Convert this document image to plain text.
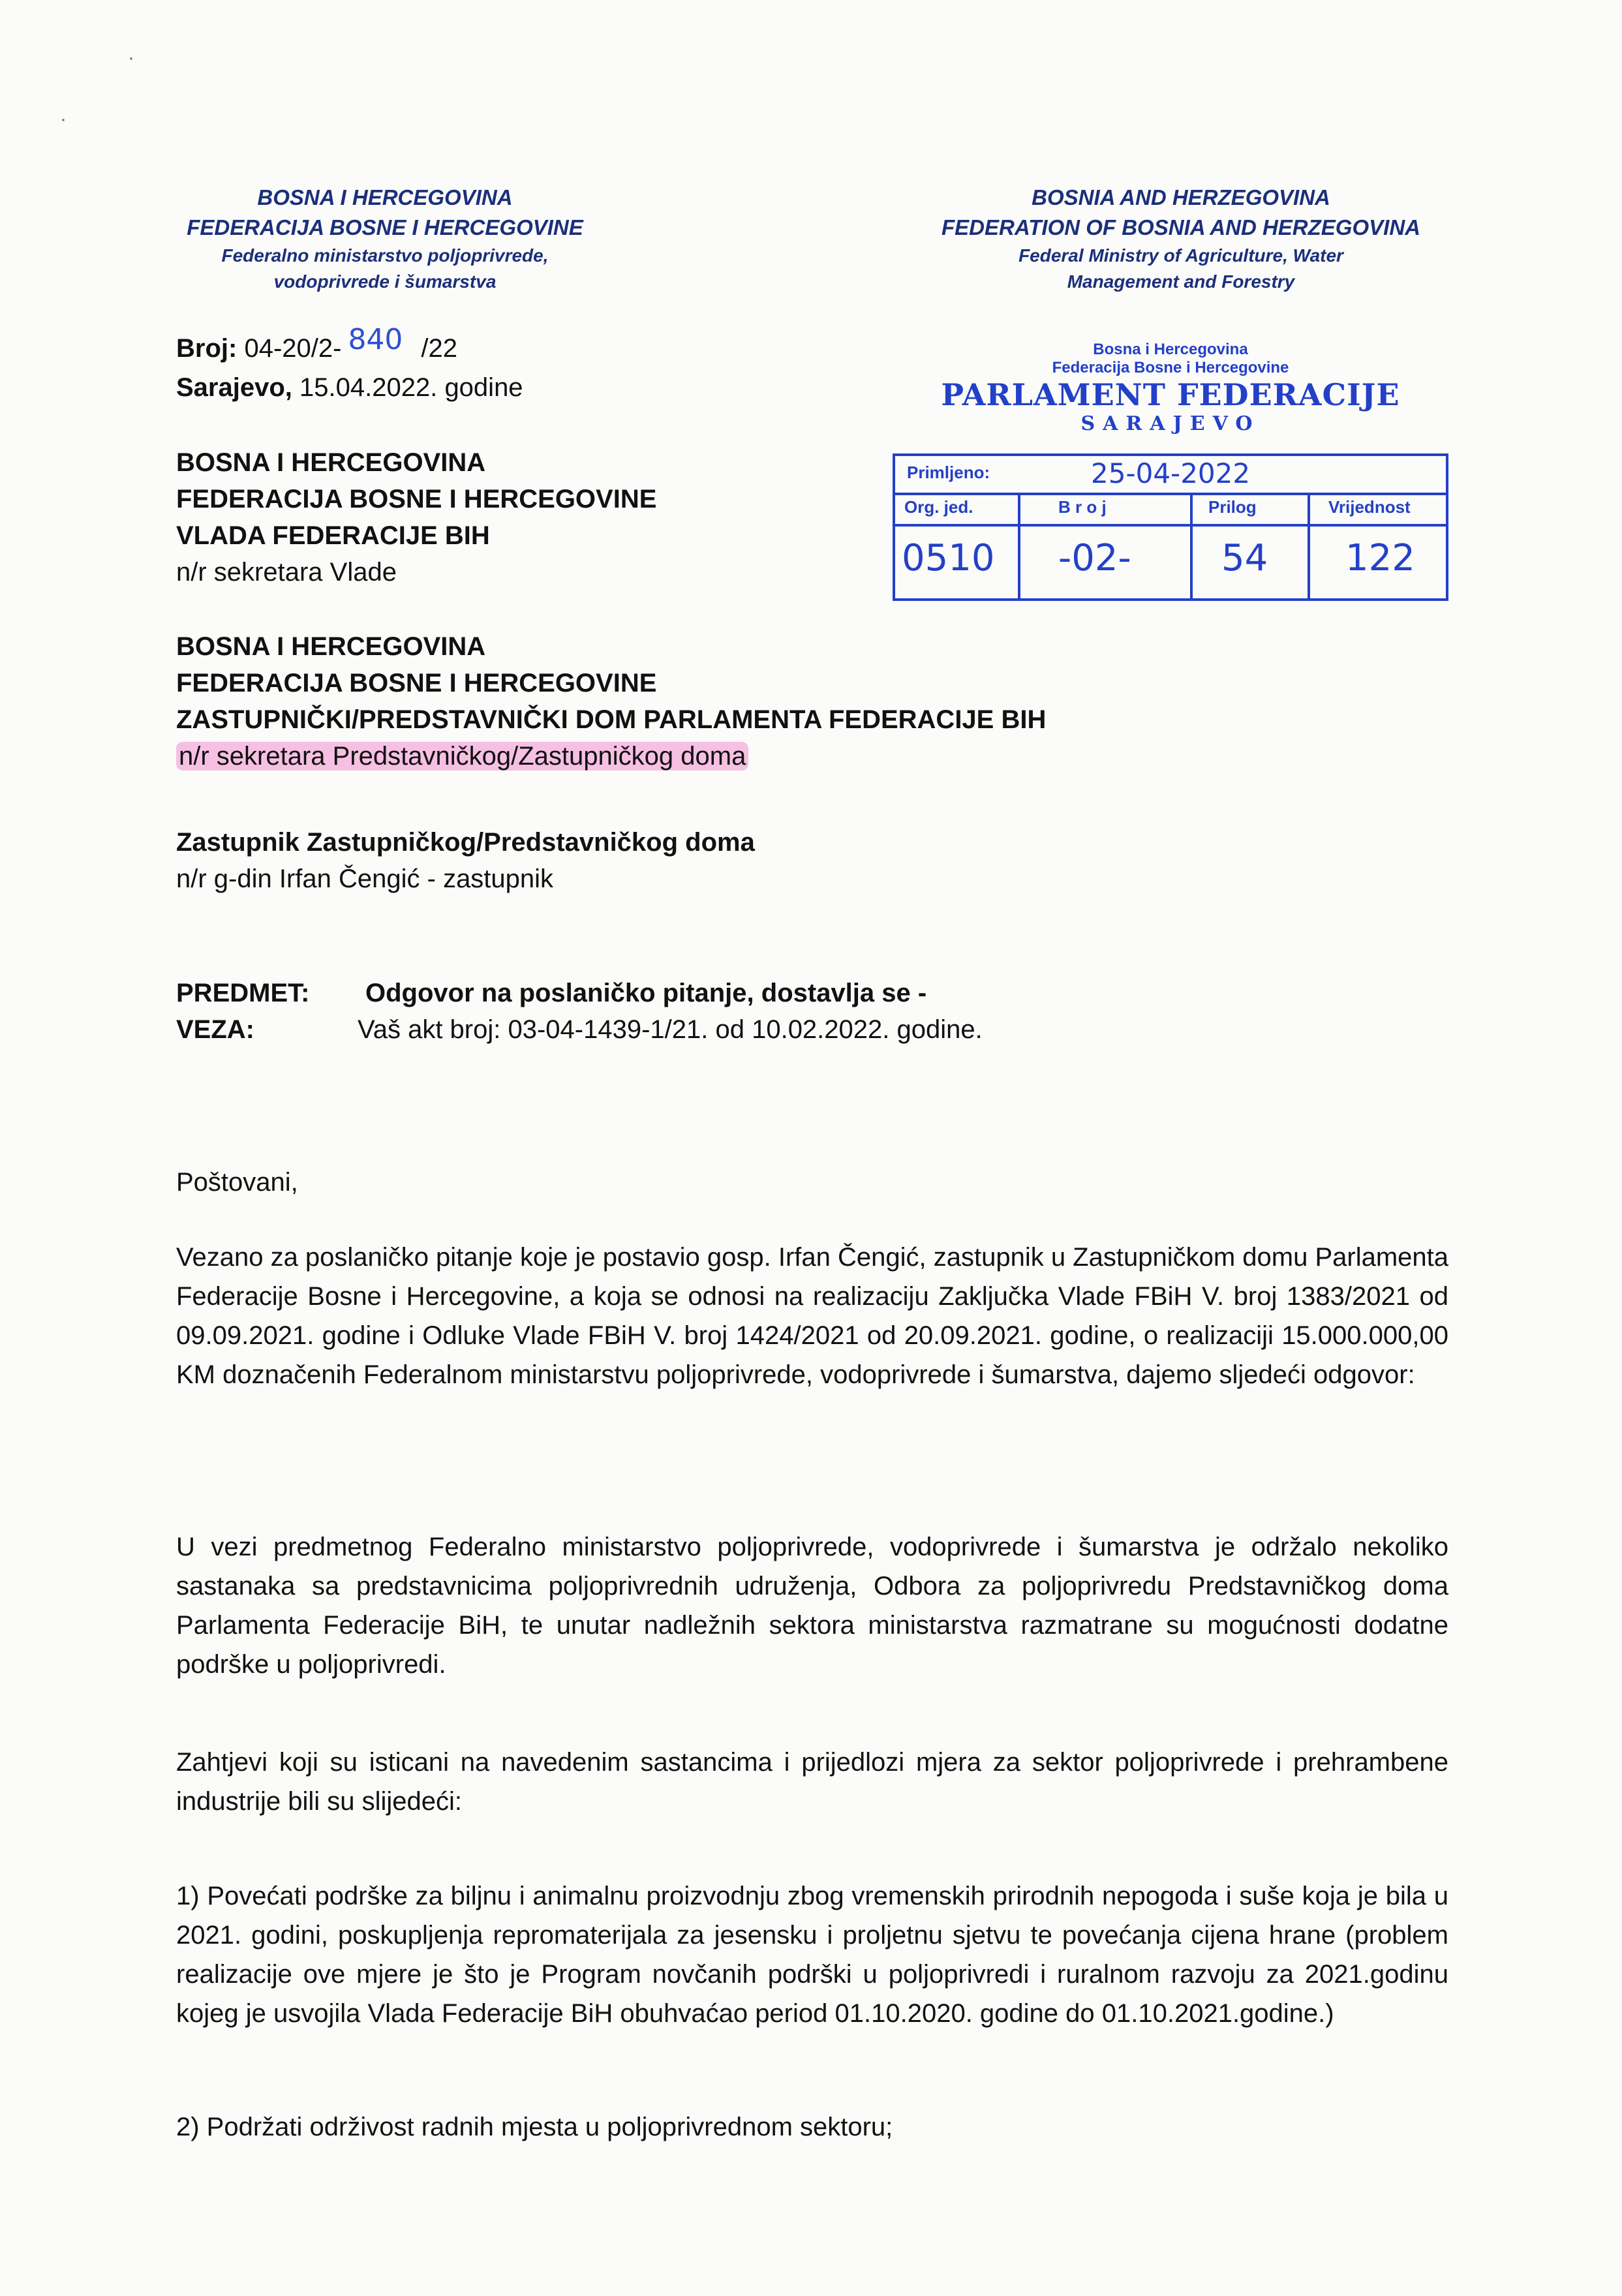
·
·
BOSNA I HERCEGOVINA
FEDERACIJA BOSNE I HERCEGOVINE
Federalno ministarstvo poljoprivrede,
vodoprivrede i šumarstva
BOSNIA AND HERZEGOVINA
FEDERATION OF BOSNIA AND HERZEGOVINA
Federal Ministry of Agriculture, Water
Management and Forestry
Broj: 04-20/2- 840 /22
Sarajevo, 15.04.2022. godine
Bosna i Hercegovina
Federacija Bosne i Hercegovine
PARLAMENT FEDERACIJE
SARAJEVO
Primljeno:	25-04-2022
Org. jed.	B r o j	Prilog	Vrijednost
0510 -02- 54 122
BOSNA I HERCEGOVINA
FEDERACIJA BOSNE I HERCEGOVINE
VLADA FEDERACIJE BIH
n/r sekretara Vlade
BOSNA I HERCEGOVINA
FEDERACIJA BOSNE I HERCEGOVINE
ZASTUPNIČKI/PREDSTAVNIČKI DOM PARLAMENTA FEDERACIJE BIH
n/r sekretara Predstavničkog/Zastupničkog doma
Zastupnik Zastupničkog/Predstavničkog doma
n/r g-din Irfan Čengić - zastupnik
PREDMET: Odgovor na poslaničko pitanje, dostavlja se -
VEZA:	Vaš akt broj: 03-04-1439-1/21. od 10.02.2022. godine.
Poštovani,
Vezano za poslaničko pitanje koje je postavio gosp. Irfan Čengić, zastupnik u Zastupničkom domu Parlamenta Federacije Bosne i Hercegovine, a koja se odnosi na realizaciju Zaključka Vlade FBiH V. broj 1383/2021 od 09.09.2021. godine i Odluke Vlade FBiH V. broj 1424/2021 od 20.09.2021. godine, o realizaciji 15.000.000,00 KM doznačenih Federalnom ministarstvu poljoprivrede, vodoprivrede i šumarstva, dajemo sljedeći odgovor:
U vezi predmetnog Federalno ministarstvo poljoprivrede, vodoprivrede i šumarstva je održalo nekoliko sastanaka sa predstavnicima poljoprivrednih udruženja, Odbora za poljoprivredu Predstavničkog doma Parlamenta Federacije BiH, te unutar nadležnih sektora ministarstva razmatrane su mogućnosti dodatne podrške u poljoprivredi.
Zahtjevi koji su isticani na navedenim sastancima i prijedlozi mjera za sektor poljoprivrede i prehrambene industrije bili su slijedeći:
1) Povećati podrške za biljnu i animalnu proizvodnju zbog vremenskih prirodnih nepogoda i suše koja je bila u 2021. godini, poskupljenja repromaterijala za jesensku i proljetnu sjetvu te povećanja cijena hrane (problem realizacije ove mjere je što je Program novčanih podrški u poljoprivredi i ruralnom razvoju za 2021.godinu kojeg je usvojila Vlada Federacije BiH obuhvaćao period 01.10.2020. godine do 01.10.2021.godine.)
2) Podržati održivost radnih mjesta u poljoprivrednom sektoru;
